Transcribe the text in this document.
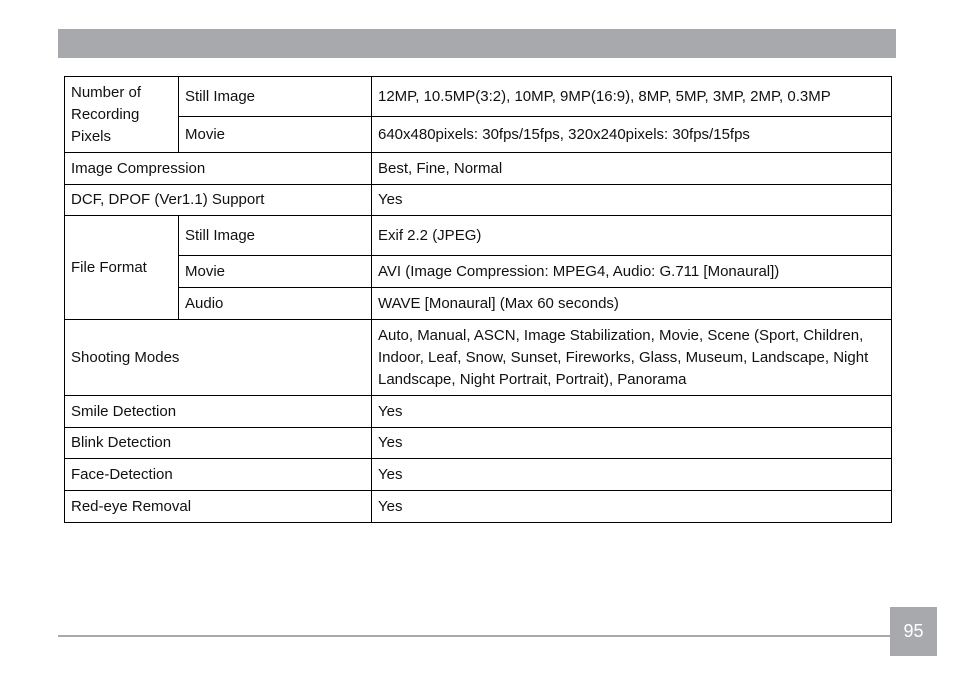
Number of Recording Pixels	Still Image	12MP, 10.5MP(3:2), 10MP, 9MP(16:9), 8MP, 5MP, 3MP, 2MP, 0.3MP
	Movie	640x480pixels: 30fps/15fps, 320x240pixels: 30fps/15fps
Image Compression		Best, Fine, Normal
DCF, DPOF (Ver1.1) Support		Yes
File Format	Still Image	Exif 2.2 (JPEG)
	Movie	AVI (Image Compression: MPEG4, Audio: G.711 [Monaural])
	Audio	WAVE [Monaural] (Max 60 seconds)
Shooting Modes		Auto, Manual, ASCN, Image Stabilization, Movie, Scene (Sport, Children, Indoor, Leaf, Snow, Sunset, Fireworks, Glass, Museum, Landscape, Night Landscape, Night Portrait, Portrait), Panorama
Smile Detection		Yes
Blink Detection		Yes
Face-Detection		Yes
Red-eye Removal		Yes
95
